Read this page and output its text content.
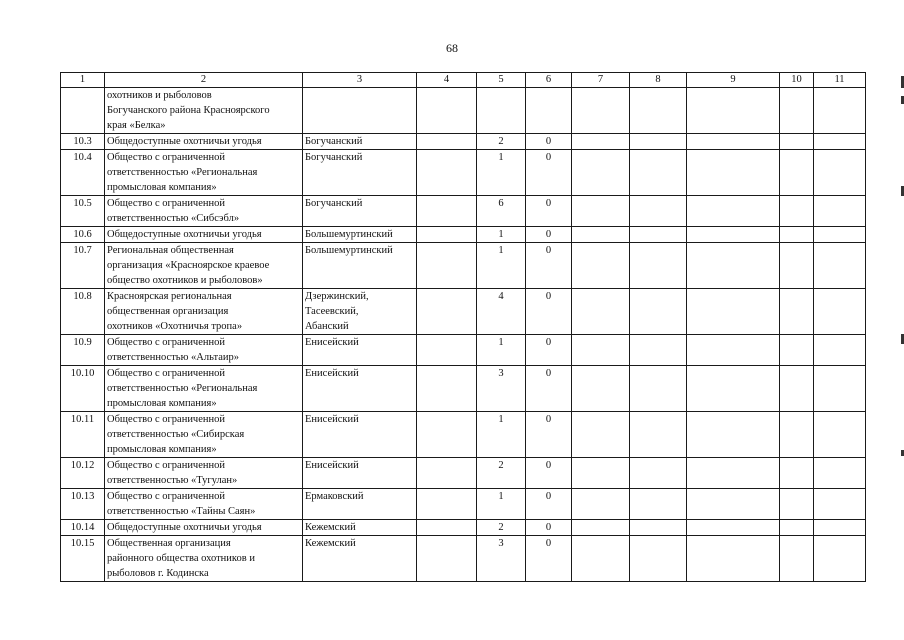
68
1	2	3	4	5	6	7	8	9	10	11
	охотников и рыболовов
Богучанского района Красноярского
края «Белка»									
10.3	Общедоступные охотничьи угодья	Богучанский		2	0					
10.4	Общество с ограниченной
ответственностью «Региональная
промысловая компания»	Богучанский		1	0					
10.5	Общество с ограниченной
ответственностью «Сибсэбл»	Богучанский		6	0					
10.6	Общедоступные охотничьи угодья	Большемуртинский		1	0					
10.7	Региональная общественная
организация «Красноярское краевое
общество охотников и рыболовов»	Большемуртинский		1	0					
10.8	Красноярская региональная
общественная организация
охотников «Охотничья тропа»	Дзержинский,
Тасеевский,
Абанский		4	0					
10.9	Общество с ограниченной
ответственностью «Альтаир»	Енисейский		1	0					
10.10	Общество с ограниченной
ответственностью «Региональная
промысловая компания»	Енисейский		3	0					
10.11	Общество с ограниченной
ответственностью «Сибирская
промысловая компания»	Енисейский		1	0					
10.12	Общество с ограниченной
ответственностью «Тугулан»	Енисейский		2	0					
10.13	Общество с ограниченной
ответственностью «Тайны Саян»	Ермаковский		1	0					
10.14	Общедоступные охотничьи угодья	Кежемский		2	0					
10.15	Общественная организация
районного общества охотников и
рыболовов г. Кодинска	Кежемский		3	0					
